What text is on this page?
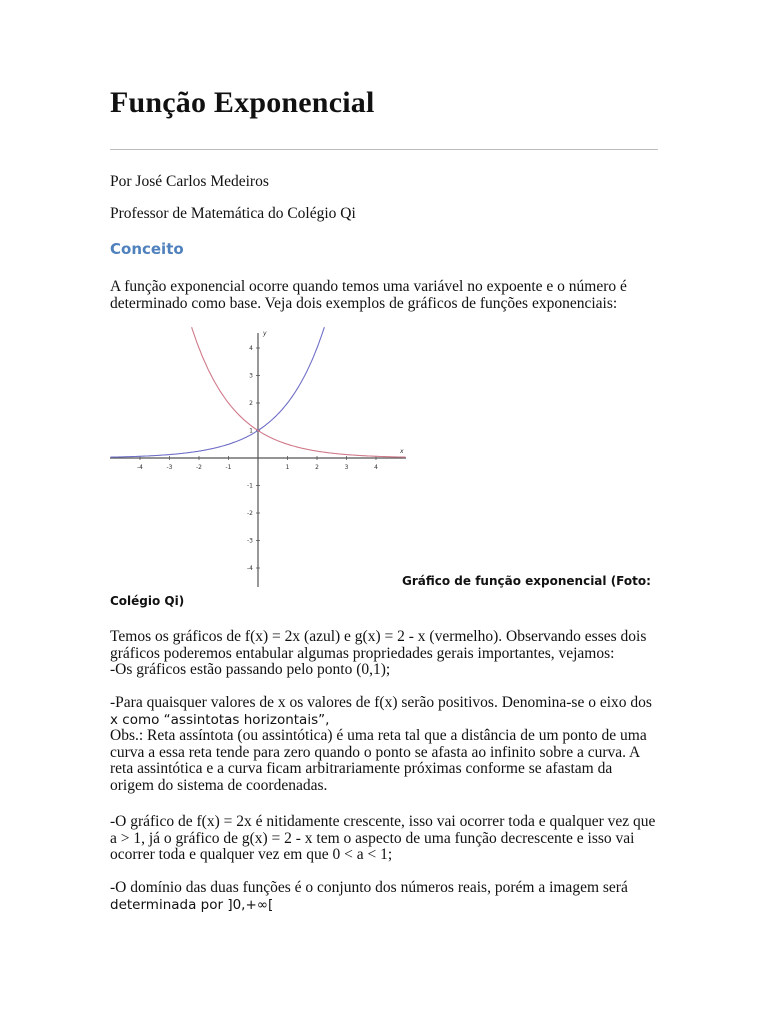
Função Exponencial
Por José Carlos Medeiros
Professor de Matemática do Colégio Qi
Conceito

A função exponencial ocorre quando temos uma variável no expoente e o número é determinado como base. Veja dois exemplos de gráficos de funções exponenciais:

-4	-3	-2	-1	1	2	3	4
4
3
2
1
-1
-2
-3
-4
x
y

Gráfico de função exponencial (Foto:

Colégio Qi)

Temos os gráficos de f(x) = 2x (azul) e g(x) = 2 - x (vermelho). Observando esses dois
gráficos poderemos entabular algumas propriedades gerais importantes, vejamos:
-Os gráficos estão passando pelo ponto (0,1);
-Para quaisquer valores de x os valores de f(x) serão positivos. Denomina-se o eixo dos
x como “assintotas horizontais”,
Obs.: Reta assíntota (ou assintótica) é uma reta tal que a distância de um ponto de uma
curva a essa reta tende para zero quando o ponto se afasta ao infinito sobre a curva. A
reta assintótica e a curva ficam arbitrariamente próximas conforme se afastam da
origem do sistema de coordenadas.
-O gráfico de f(x) = 2x é nitidamente crescente, isso vai ocorrer toda e qualquer vez que
a > 1, já o gráfico de g(x) = 2 - x tem o aspecto de uma função decrescente e isso vai
ocorrer toda e qualquer vez em que 0 < a < 1;
-O domínio das duas funções é o conjunto dos números reais, porém a imagem será
determinada por ]0,+∞[
